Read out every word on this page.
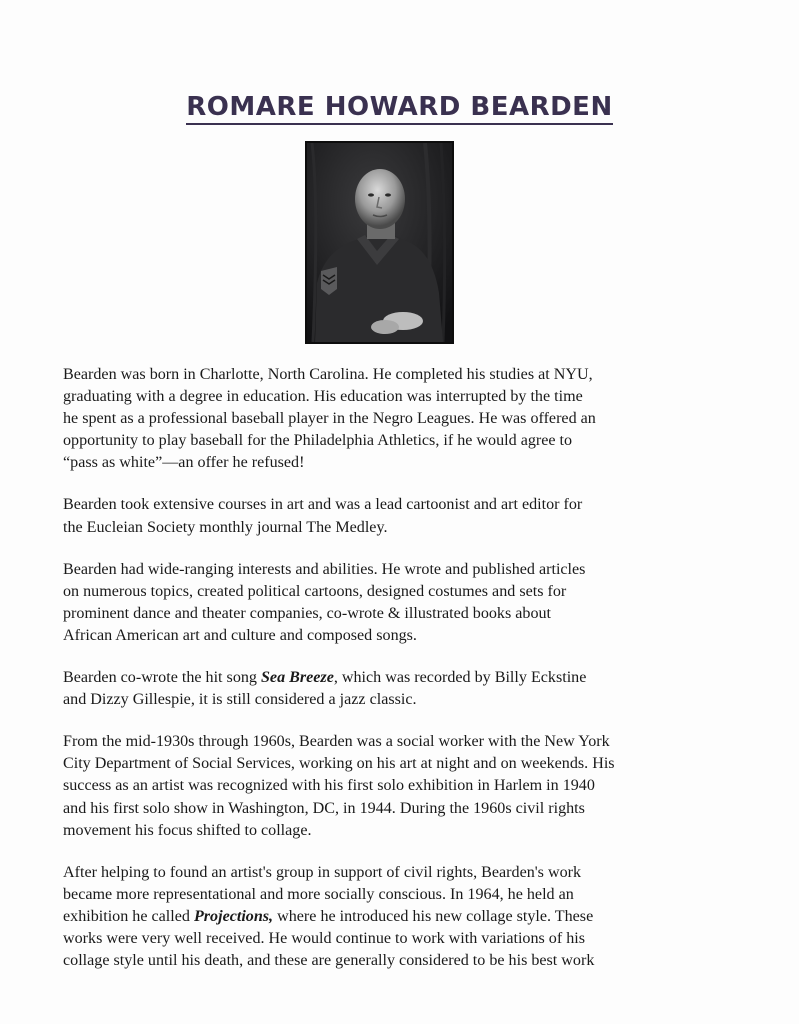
ROMARE HOWARD BEARDEN

Bearden was born in Charlotte, North Carolina. He completed his studies at NYU,
graduating with a degree in education. His education was interrupted by the time
he spent as a professional baseball player in the Negro Leagues. He was offered an
opportunity to play baseball for the Philadelphia Athletics, if he would agree to
“pass as white”—an offer he refused!

Bearden took extensive courses in art and was a lead cartoonist and art editor for
the Eucleian Society monthly journal The Medley.

Bearden had wide-ranging interests and abilities. He wrote and published articles
on numerous topics, created political cartoons, designed costumes and sets for
prominent dance and theater companies, co-wrote & illustrated books about
African American art and culture and composed songs.

Bearden co-wrote the hit song Sea Breeze, which was recorded by Billy Eckstine
and Dizzy Gillespie, it is still considered a jazz classic.

From the mid-1930s through 1960s, Bearden was a social worker with the New York
City Department of Social Services, working on his art at night and on weekends. His
success as an artist was recognized with his first solo exhibition in Harlem in 1940
and his first solo show in Washington, DC, in 1944. During the 1960s civil rights
movement his focus shifted to collage.

After helping to found an artist's group in support of civil rights, Bearden's work
became more representational and more socially conscious. In 1964, he held an
exhibition he called Projections, where he introduced his new collage style. These
works were very well received. He would continue to work with variations of his
collage style until his death, and these are generally considered to be his best work
